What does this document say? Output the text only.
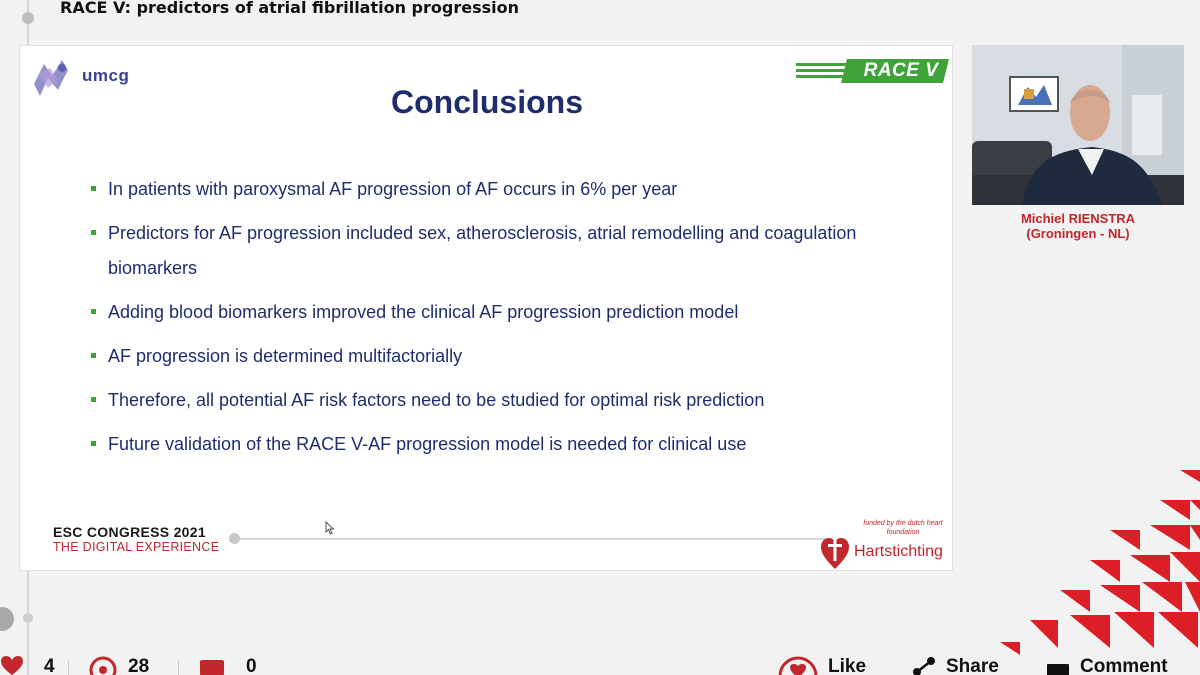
RACE V: predictors of atrial fibrillation progression
umcg	RACE V
Conclusions
In patients with paroxysmal AF progression of AF occurs in 6% per year
Predictors for AF progression included sex, atherosclerosis, atrial remodelling and coagulation biomarkers
Adding blood biomarkers improved the clinical AF progression prediction model
AF progression is determined multifactorially
Therefore, all potential AF risk factors need to be studied for optimal risk prediction
Future validation of the RACE V-AF progression model is needed for clinical use
ESC CONGRESS 2021
THE DIGITAL EXPERIENCE
funded by the dutch heart foundation
Hartstichting
Michiel RIENSTRA
(Groningen - NL)
4	28	0	Like	Share	Comment
